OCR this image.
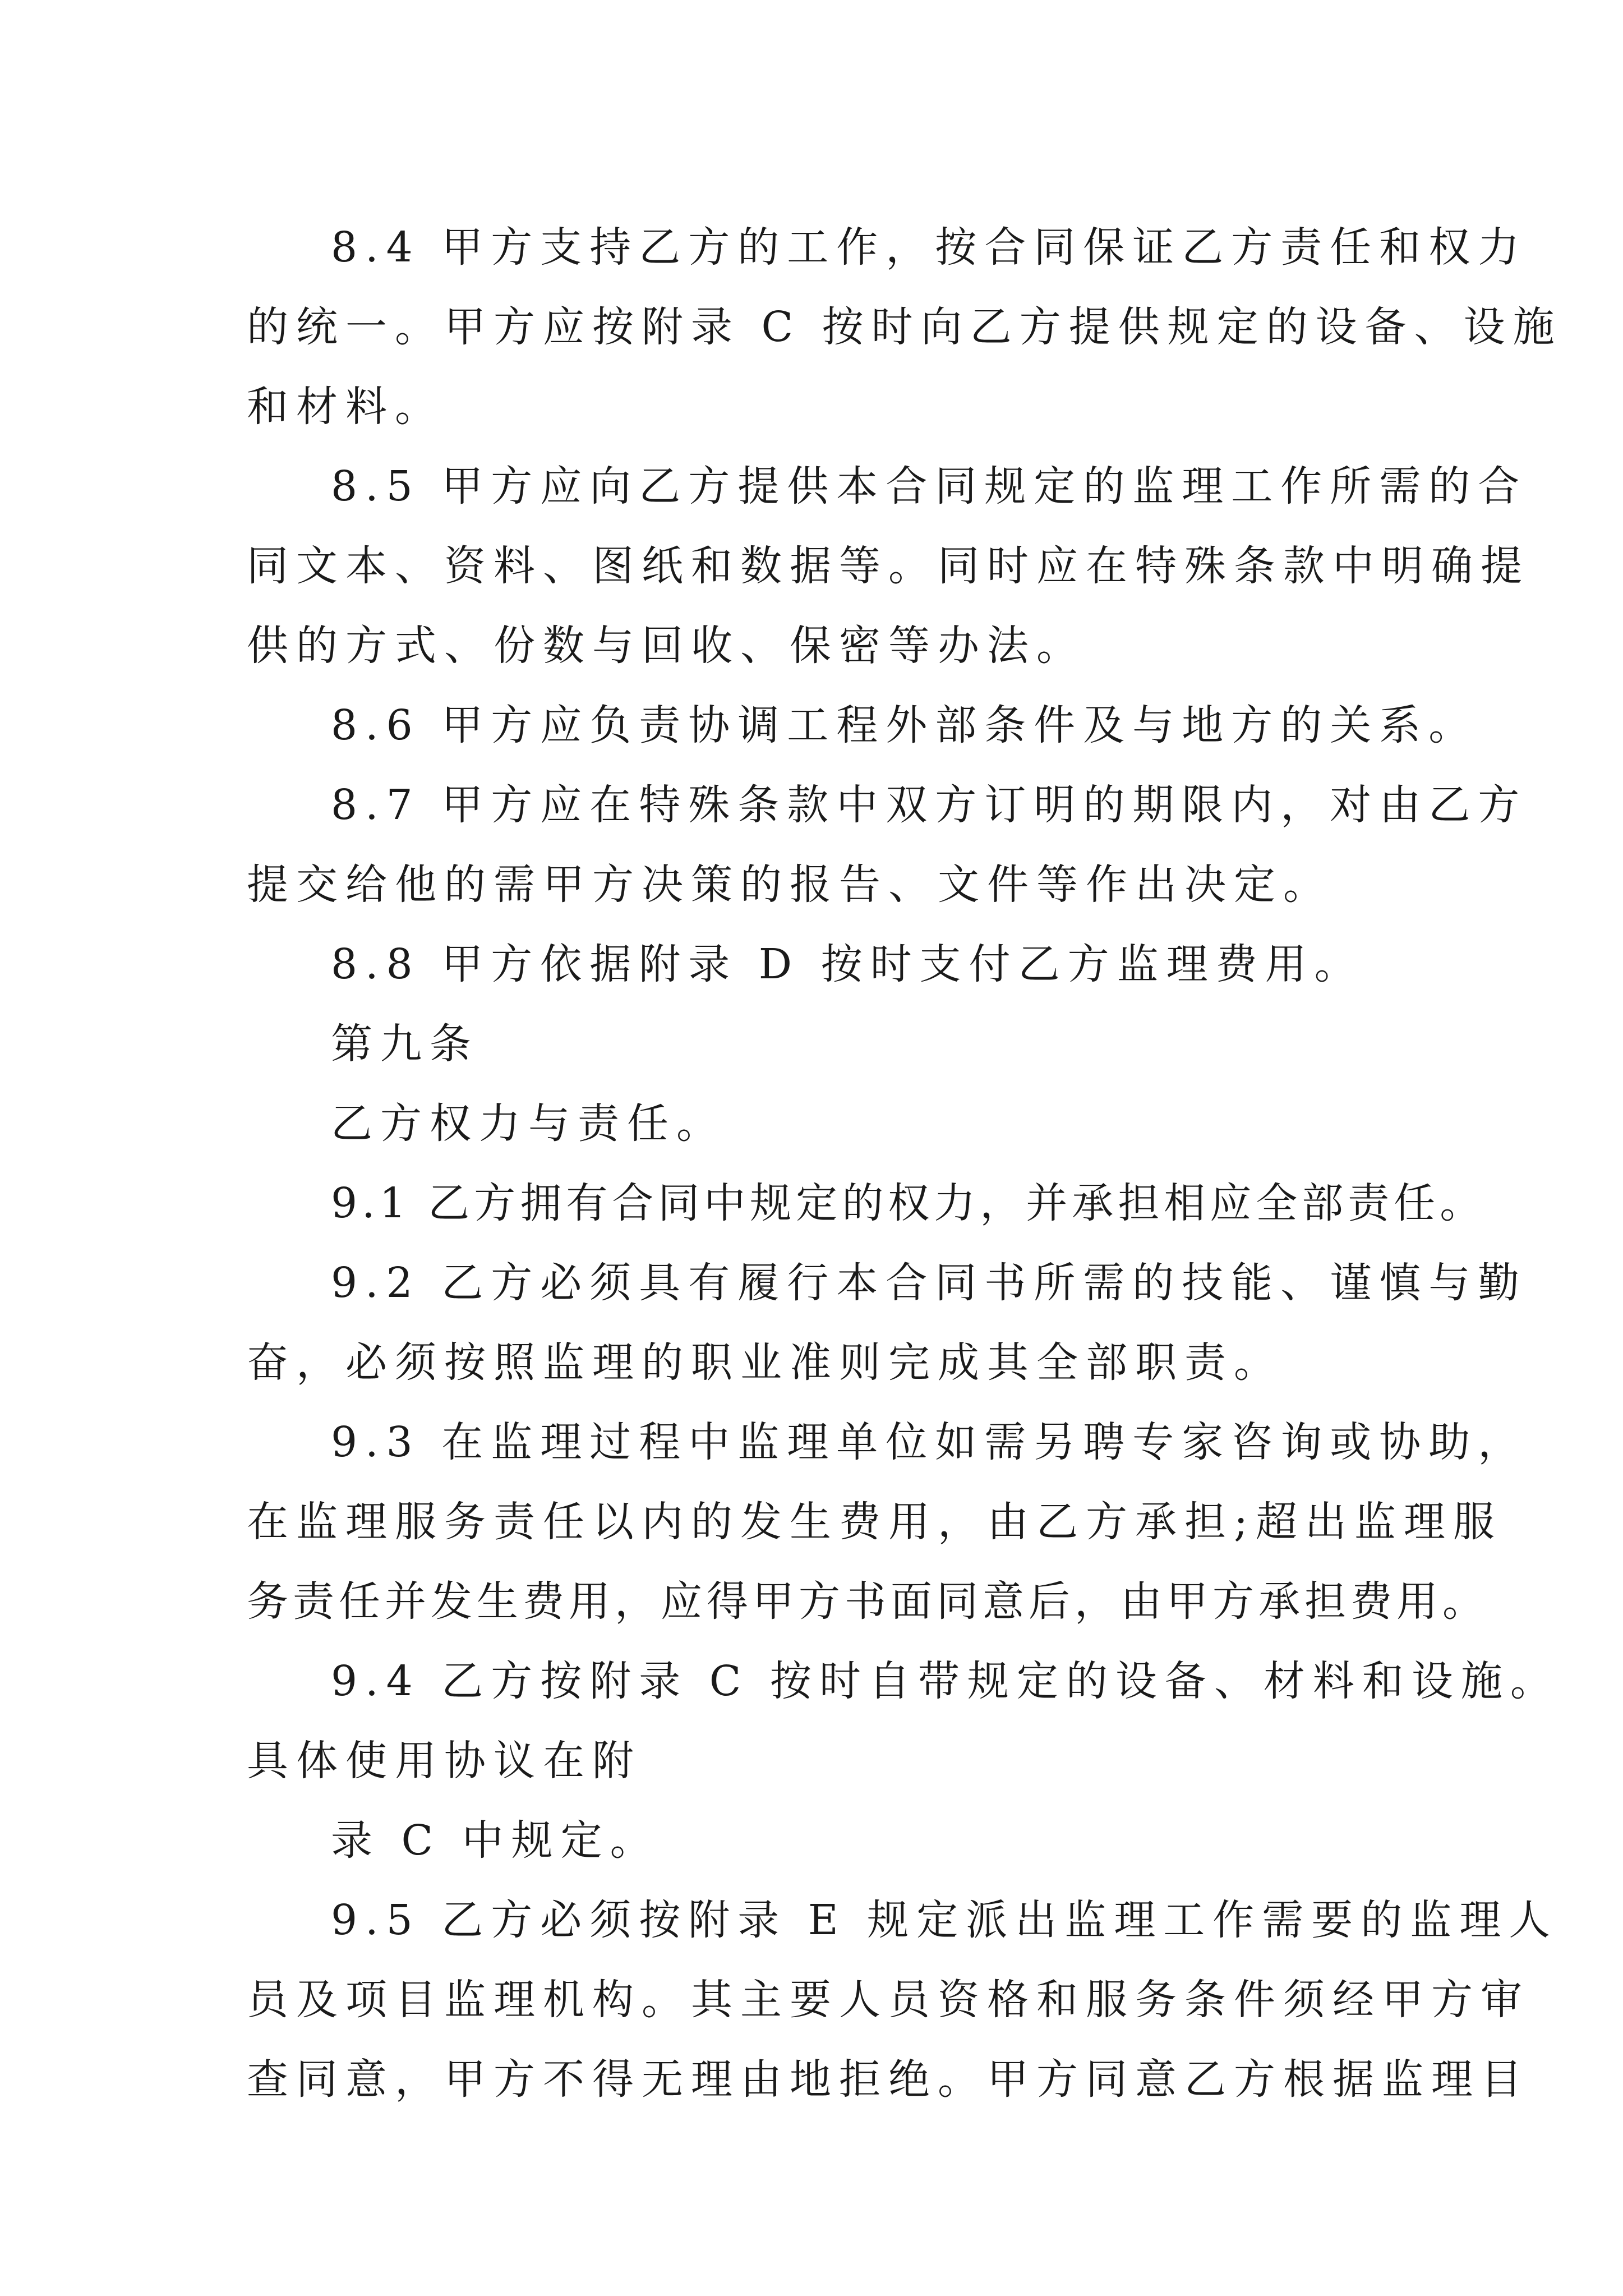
8.4 甲方支持乙方的工作，按合同保证乙方责任和权力
的统一。甲方应按附录 C 按时向乙方提供规定的设备、设施
和材料。
8.5 甲方应向乙方提供本合同规定的监理工作所需的合
同文本、资料、图纸和数据等。同时应在特殊条款中明确提
供的方式、份数与回收、保密等办法。
8.6 甲方应负责协调工程外部条件及与地方的关系。
8.7 甲方应在特殊条款中双方订明的期限内，对由乙方
提交给他的需甲方决策的报告、文件等作出决定。
8.8 甲方依据附录 D 按时支付乙方监理费用。
第九条
乙方权力与责任。
9.1 乙方拥有合同中规定的权力，并承担相应全部责任。
9.2 乙方必须具有履行本合同书所需的技能、谨慎与勤
奋，必须按照监理的职业准则完成其全部职责。
9.3 在监理过程中监理单位如需另聘专家咨询或协助，
在监理服务责任以内的发生费用，由乙方承担;超出监理服
务责任并发生费用，应得甲方书面同意后，由甲方承担费用。
9.4 乙方按附录 C 按时自带规定的设备、材料和设施。
具体使用协议在附
录 C 中规定。
9.5 乙方必须按附录 E 规定派出监理工作需要的监理人
员及项目监理机构。其主要人员资格和服务条件须经甲方审
查同意，甲方不得无理由地拒绝。甲方同意乙方根据监理目
